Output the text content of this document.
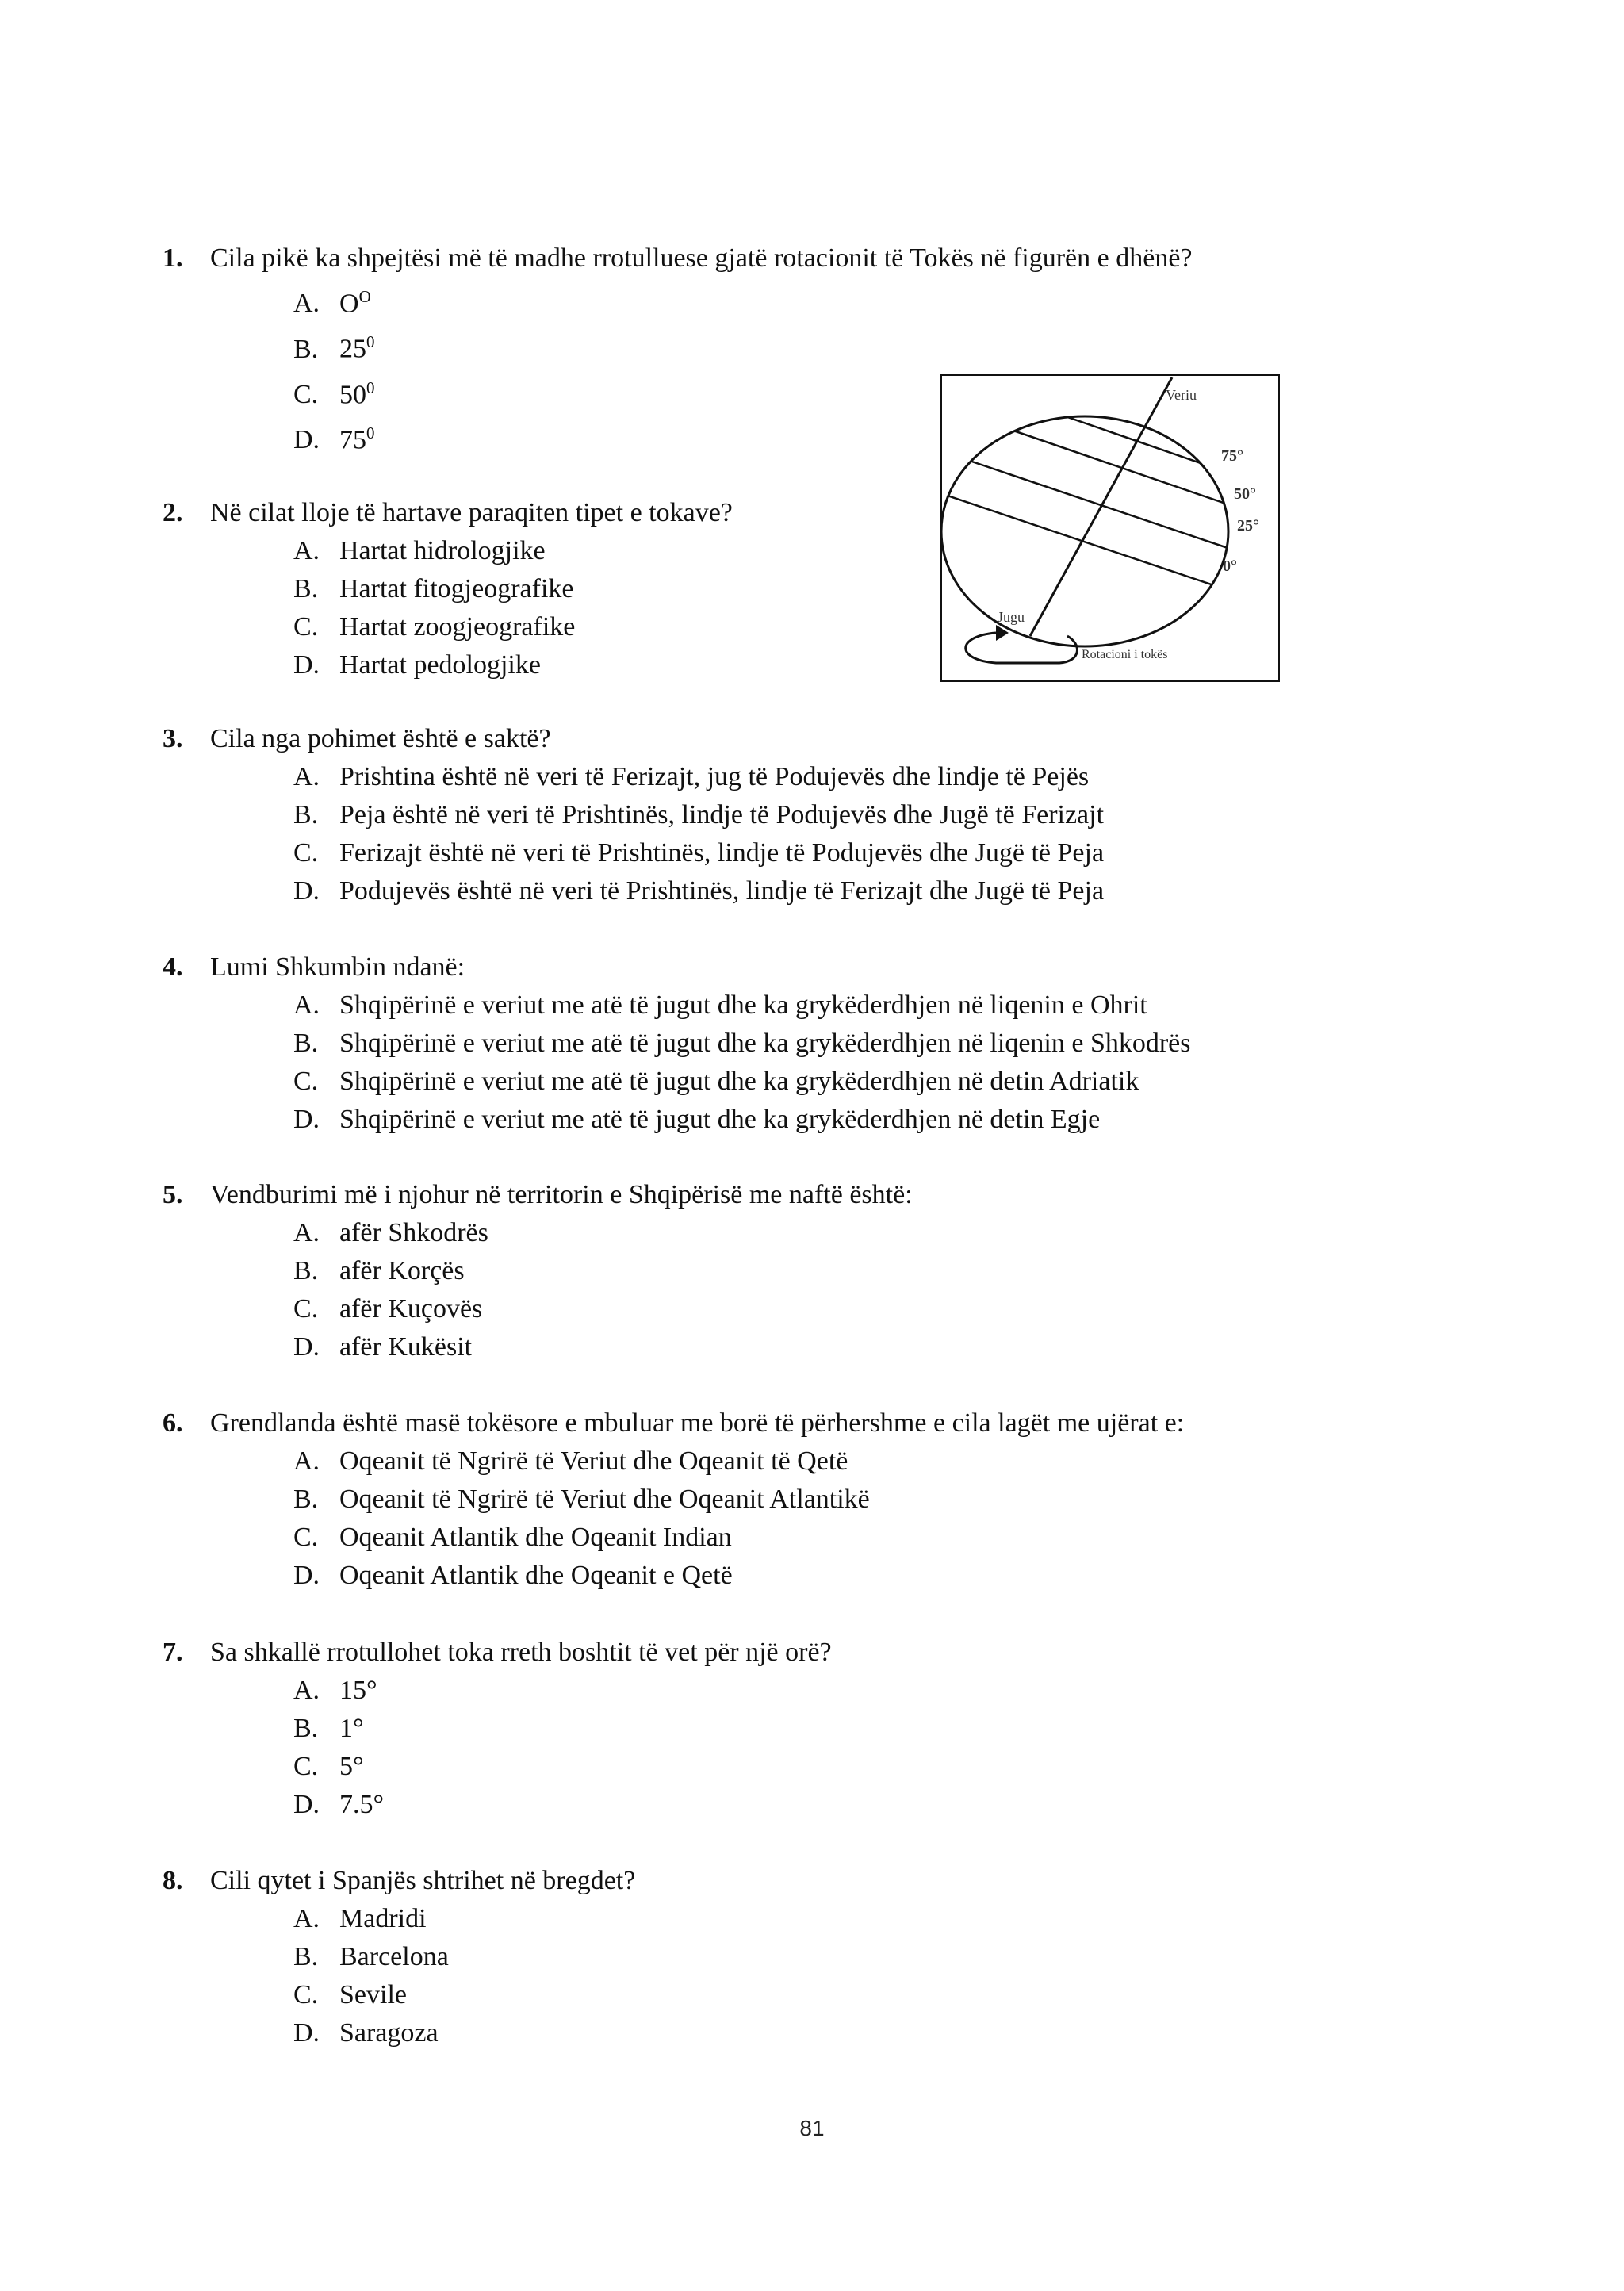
1. Cila pikë ka shpejtësi më të madhe rrotulluese gjatë rotacionit të Tokës në figurën e dhënë?
A. $O^O$
B. $25^0$
C. $50^0$
D. $75^0$
Veriu
Jugu
Rotacioni i tokës
75°
50°
25°
0°
2. Në cilat lloje të hartave paraqiten tipet e tokave?
A. Hartat hidrologjike
B. Hartat fitogjeografike
C. Hartat zoogjeografike
D. Hartat pedologjike
3. Cila nga pohimet është e saktë?
A. Prishtina është në veri të Ferizajt, jug të Podujevës dhe lindje të Pejës
B. Peja është në veri të Prishtinës, lindje të Podujevës dhe Jugë të Ferizajt
C. Ferizajt është në veri të Prishtinës, lindje të Podujevës dhe Jugë të Peja
D. Podujevës është në veri të Prishtinës, lindje të Ferizajt dhe Jugë të Peja
4. Lumi Shkumbin ndanë:
A. Shqipërinë e veriut me atë të jugut dhe ka grykëderdhjen në liqenin e Ohrit
B. Shqipërinë e veriut me atë të jugut dhe ka grykëderdhjen në liqenin e Shkodrës
C. Shqipërinë e veriut me atë të jugut dhe ka grykëderdhjen në detin Adriatik
D. Shqipërinë e veriut me atë të jugut dhe ka grykëderdhjen në detin Egje
5. Vendburimi më i njohur në territorin e Shqipërisë me naftë është:
A. afër Shkodrës
B. afër Korçës
C. afër Kuçovës
D. afër Kukësit
6. Grendlanda është masë tokësore e mbuluar me borë të përhershme e cila lagët me ujërat e:
A. Oqeanit të Ngrirë të Veriut dhe Oqeanit të Qetë
B. Oqeanit të Ngrirë të Veriut dhe Oqeanit Atlantikë
C. Oqeanit Atlantik dhe Oqeanit Indian
D. Oqeanit Atlantik dhe Oqeanit e Qetë
7. Sa shkallë rrotullohet toka rreth boshtit të vet për një orë?
A. 15°
B. 1°
C. 5°
D. 7.5°
8. Cili qytet i Spanjës shtrihet në bregdet?
A. Madridi
B. Barcelona
C. Sevile
D. Saragoza
81
